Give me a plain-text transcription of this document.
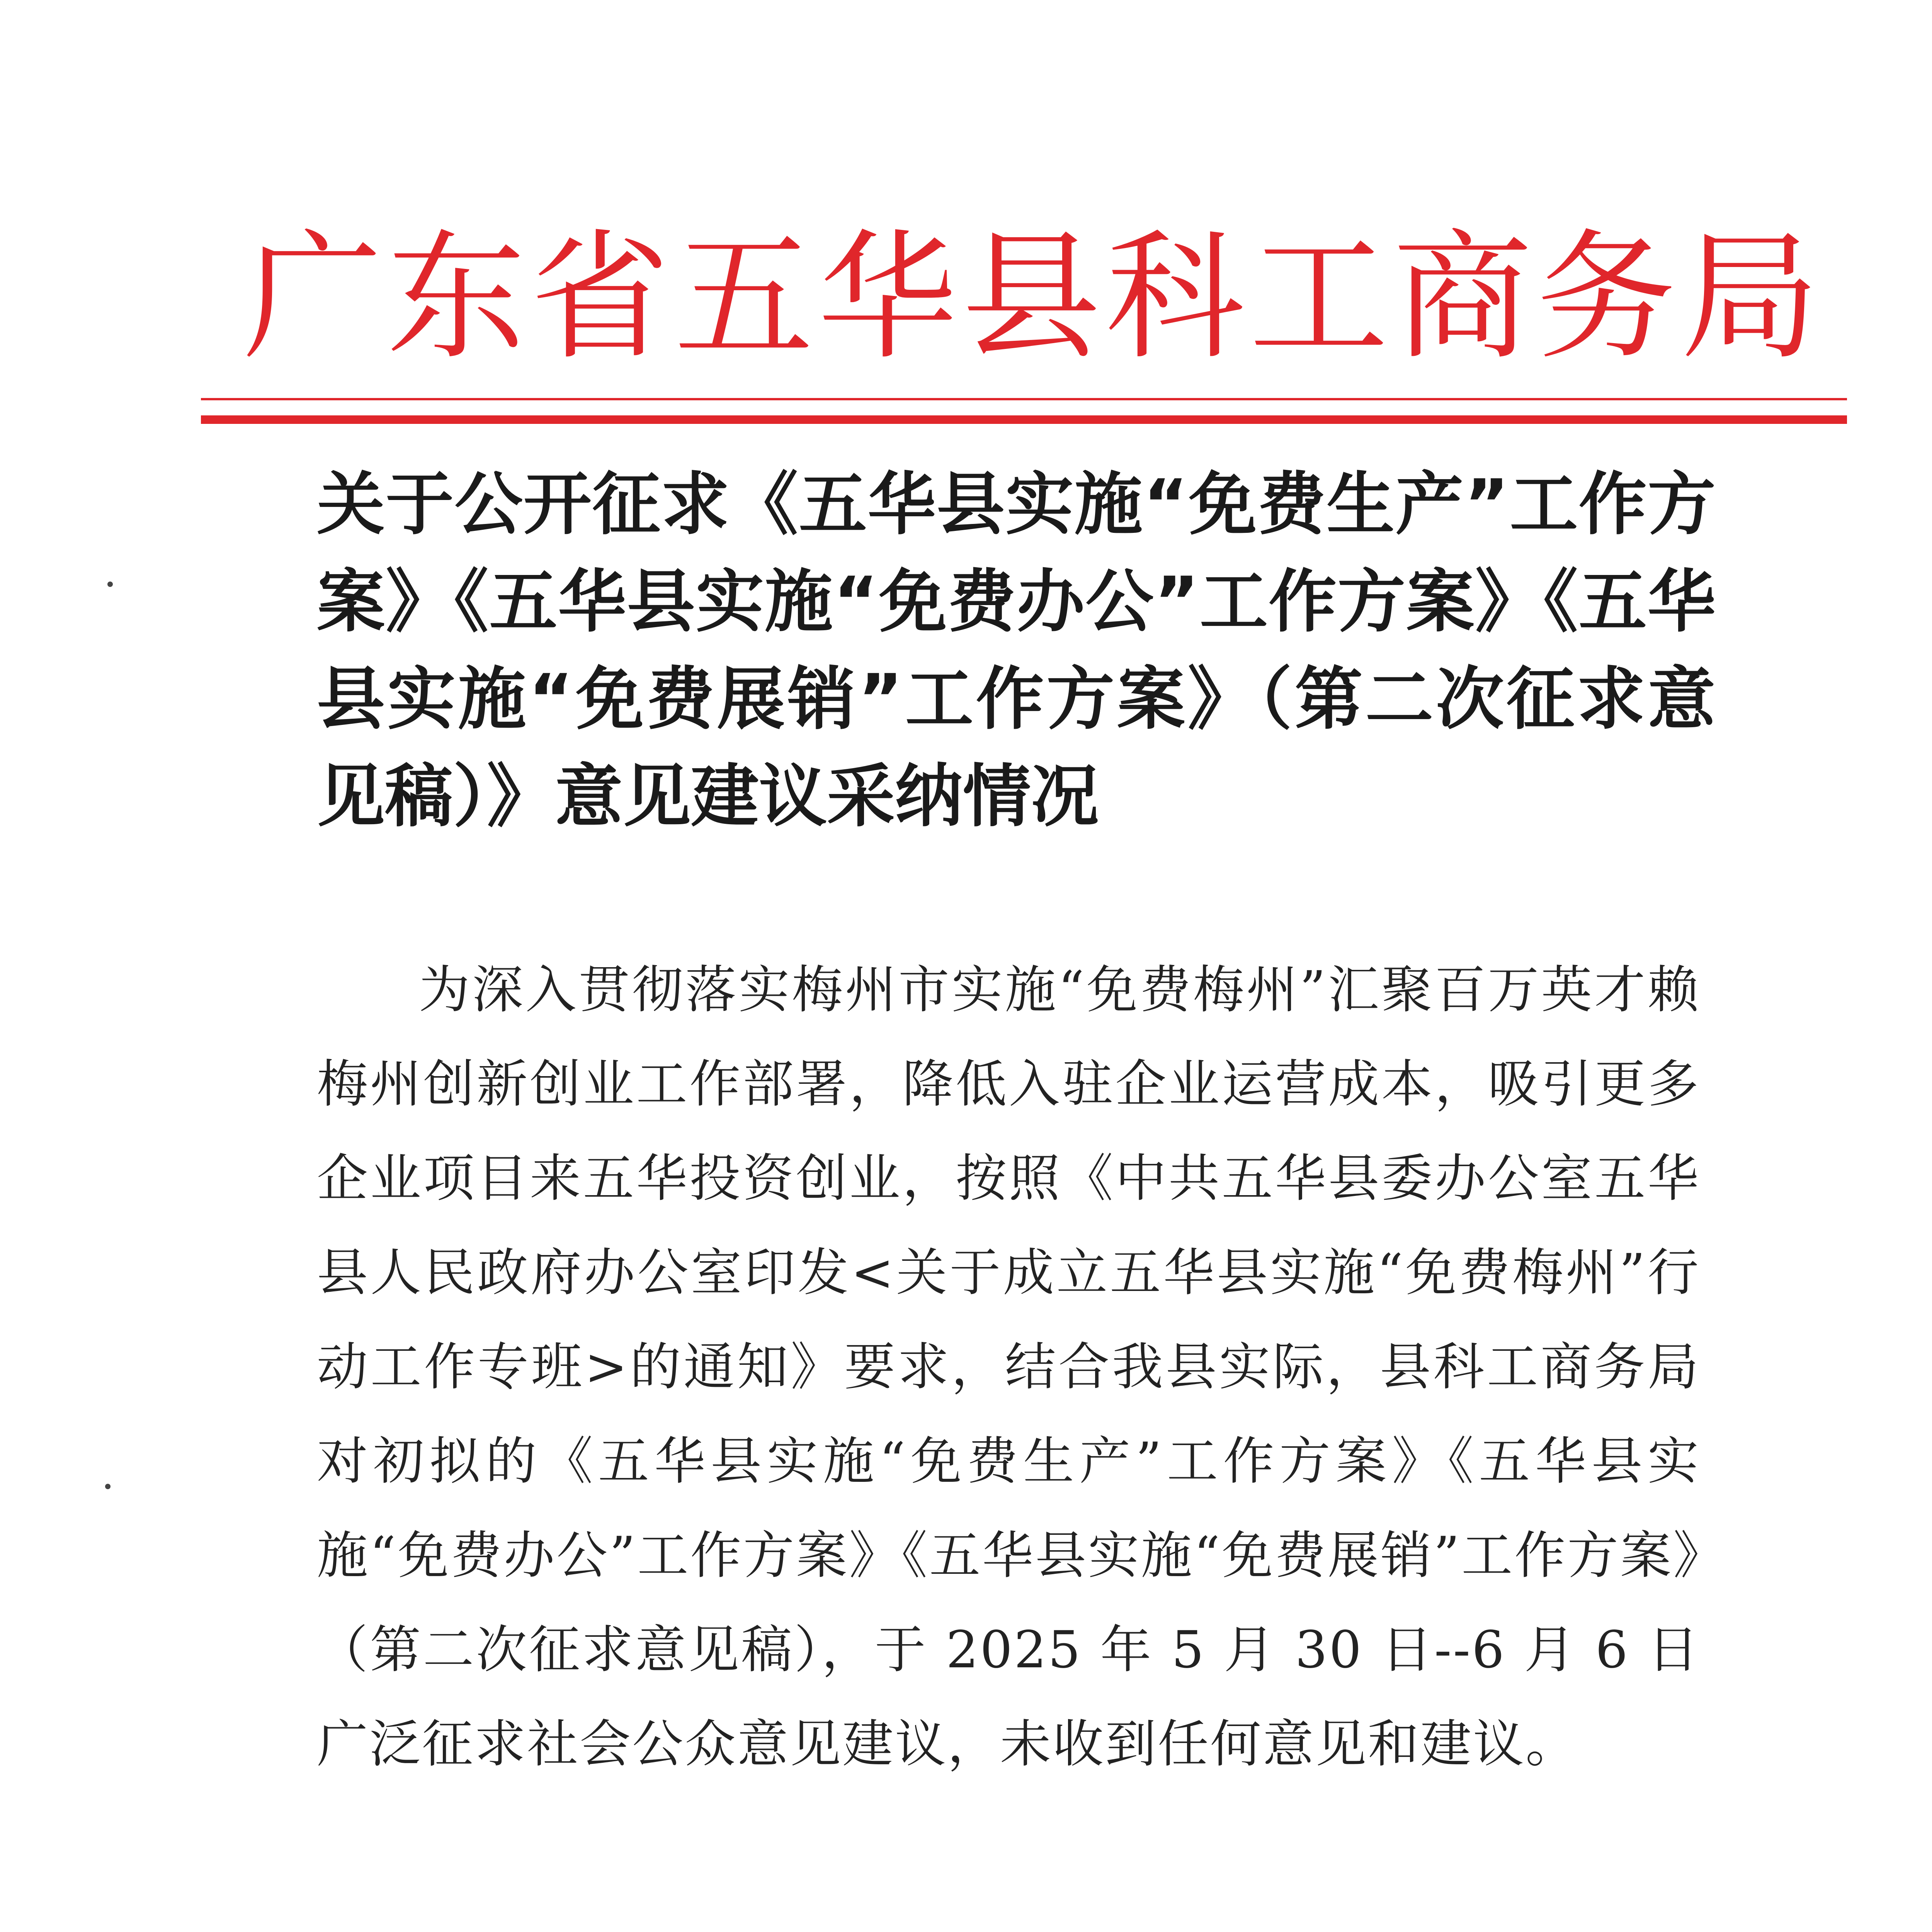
广东省五华县科工商务局
关于公开征求《五华县实施“免费生产”工作方案》《五华县实施“免费办公”工作方案》《五华县实施“免费展销”工作方案》（第二次征求意见稿）》意见建议采纳情况
为深入贯彻落实梅州市实施“免费梅州”汇聚百万英才赖梅州创新创业工作部署，降低入驻企业运营成本，吸引更多企业项目来五华投资创业，按照《中共五华县委办公室五华县人民政府办公室印发<关于成立五华县实施“免费梅州”行动工作专班>的通知》要求，结合我县实际，县科工商务局对初拟的《五华县实施“免费生产”工作方案》《五华县实施“免费办公”工作方案》《五华县实施“免费展销”工作方案》（第二次征求意见稿），于 2025 年 5 月 30 日--6 月 6 日广泛征求社会公众意见建议，未收到任何意见和建议。
